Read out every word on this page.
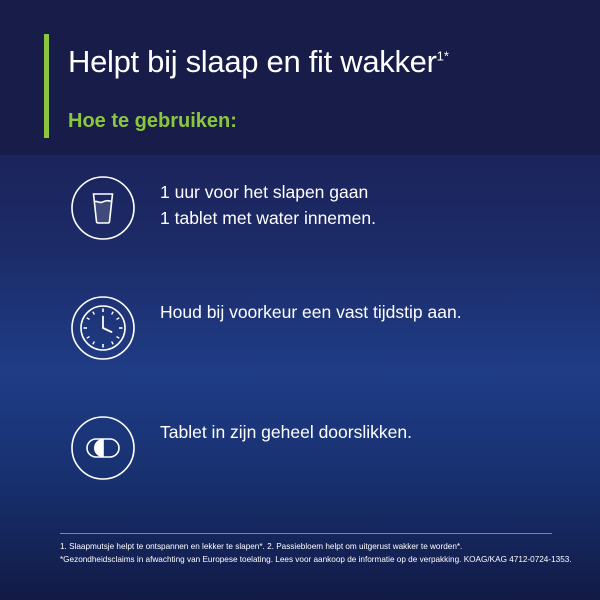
Helpt bij slaap en fit wakker$^{1*}$
Hoe te gebruiken:
1 uur voor het slapen gaan
1 tablet met water innemen.
Houd bij voorkeur een vast tijdstip aan.
Tablet in zijn geheel doorslikken.
1. Slaapmutsje helpt te ontspannen en lekker te slapen*. 2. Passiebloem helpt om uitgerust wakker te worden*.
*Gezondheidsclaims in afwachting van Europese toelating. Lees voor aankoop de informatie op de verpakking. KOAG/KAG 4712-0724-1353.
